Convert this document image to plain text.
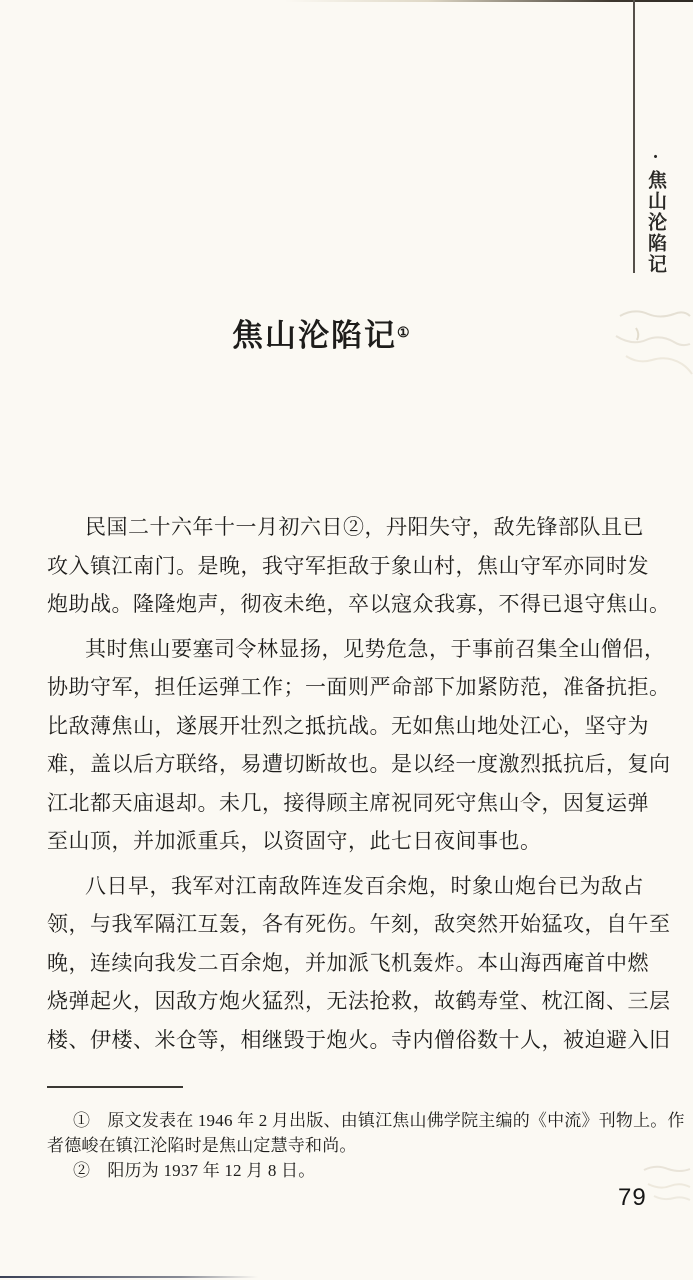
·焦山沦陷记
焦山沦陷记①

民国二十六年十一月初六日②，丹阳失守，敌先锋部队且已
攻入镇江南门。是晚，我守军拒敌于象山村，焦山守军亦同时发
炮助战。隆隆炮声，彻夜未绝，卒以寇众我寡，不得已退守焦山。

其时焦山要塞司令林显扬，见势危急，于事前召集全山僧侣，
协助守军，担任运弹工作；一面则严命部下加紧防范，准备抗拒。
比敌薄焦山，遂展开壮烈之抵抗战。无如焦山地处江心，坚守为
难，盖以后方联络，易遭切断故也。是以经一度激烈抵抗后，复向
江北都天庙退却。未几，接得顾主席祝同死守焦山令，因复运弹
至山顶，并加派重兵，以资固守，此七日夜间事也。

八日早，我军对江南敌阵连发百余炮，时象山炮台已为敌占
领，与我军隔江互轰，各有死伤。午刻，敌突然开始猛攻，自午至
晚，连续向我发二百余炮，并加派飞机轰炸。本山海西庵首中燃
烧弹起火，因敌方炮火猛烈，无法抢救，故鹤寿堂、枕江阁、三层
楼、伊楼、米仓等，相继毁于炮火。寺内僧俗数十人，被迫避入旧

①　原文发表在 1946 年 2 月出版、由镇江焦山佛学院主编的《中流》刊物上。作
者德峻在镇江沦陷时是焦山定慧寺和尚。

②　阳历为 1937 年 12 月 8 日。

79
